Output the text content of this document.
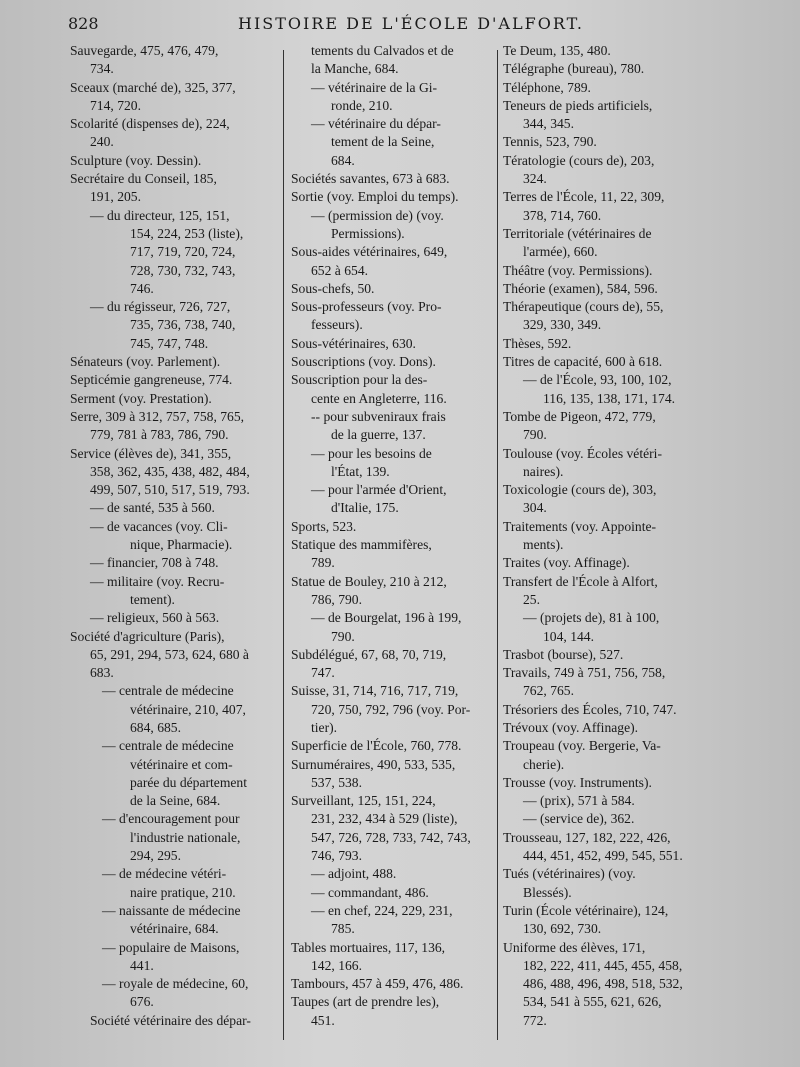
828	HISTOIRE DE L'ÉCOLE D'ALFORT.
Sauvegarde, 475, 476, 479,
734.
Sceaux (marché de), 325, 377,
714, 720.
Scolarité (dispenses de), 224,
240.
Sculpture (voy. Dessin).
Secrétaire du Conseil, 185,
191, 205.
— du directeur, 125, 151,
154, 224, 253 (liste),
717, 719, 720, 724,
728, 730, 732, 743,
746.
— du régisseur, 726, 727,
735, 736, 738, 740,
745, 747, 748.
Sénateurs (voy. Parlement).
Septicémie gangreneuse, 774.
Serment (voy. Prestation).
Serre, 309 à 312, 757, 758, 765,
779, 781 à 783, 786, 790.
Service (élèves de), 341, 355,
358, 362, 435, 438, 482, 484,
499, 507, 510, 517, 519, 793.
— de santé, 535 à 560.
— de vacances (voy. Cli-
nique, Pharmacie).
— financier, 708 à 748.
— militaire (voy. Recru-
tement).
— religieux, 560 à 563.
Société d'agriculture (Paris),
65, 291, 294, 573, 624, 680 à
683.
— centrale de médecine
vétérinaire, 210, 407,
684, 685.
— centrale de médecine
vétérinaire et com-
parée du département
de la Seine, 684.
— d'encouragement pour
l'industrie nationale,
294, 295.
— de médecine vétéri-
naire pratique, 210.
— naissante de médecine
vétérinaire, 684.
— populaire de Maisons,
441.
— royale de médecine, 60,
676.
Société vétérinaire des dépar-
tements du Calvados et de
la Manche, 684.
— vétérinaire de la Gi-
ronde, 210.
— vétérinaire du dépar-
tement de la Seine,
684.
Sociétés savantes, 673 à 683.
Sortie (voy. Emploi du temps).
— (permission de) (voy.
Permissions).
Sous-aides vétérinaires, 649,
652 à 654.
Sous-chefs, 50.
Sous-professeurs (voy. Pro-
fesseurs).
Sous-vétérinaires, 630.
Souscriptions (voy. Dons).
Souscription pour la des-
cente en Angleterre, 116.
-- pour subveniraux frais
de la guerre, 137.
— pour les besoins de
l'État, 139.
— pour l'armée d'Orient,
d'Italie, 175.
Sports, 523.
Statique des mammifères,
789.
Statue de Bouley, 210 à 212,
786, 790.
— de Bourgelat, 196 à 199,
790.
Subdélégué, 67, 68, 70, 719,
747.
Suisse, 31, 714, 716, 717, 719,
720, 750, 792, 796 (voy. Por-
tier).
Superficie de l'École, 760, 778.
Surnuméraires, 490, 533, 535,
537, 538.
Surveillant, 125, 151, 224,
231, 232, 434 à 529 (liste),
547, 726, 728, 733, 742, 743,
746, 793.
— adjoint, 488.
— commandant, 486.
— en chef, 224, 229, 231,
785.
Tables mortuaires, 117, 136,
142, 166.
Tambours, 457 à 459, 476, 486.
Taupes (art de prendre les),
451.
Te Deum, 135, 480.
Télégraphe (bureau), 780.
Téléphone, 789.
Teneurs de pieds artificiels,
344, 345.
Tennis, 523, 790.
Tératologie (cours de), 203,
324.
Terres de l'École, 11, 22, 309,
378, 714, 760.
Territoriale (vétérinaires de
l'armée), 660.
Théâtre (voy. Permissions).
Théorie (examen), 584, 596.
Thérapeutique (cours de), 55,
329, 330, 349.
Thèses, 592.
Titres de capacité, 600 à 618.
— de l'École, 93, 100, 102,
116, 135, 138, 171, 174.
Tombe de Pigeon, 472, 779,
790.
Toulouse (voy. Écoles vétéri-
naires).
Toxicologie (cours de), 303,
304.
Traitements (voy. Appointe-
ments).
Traites (voy. Affinage).
Transfert de l'École à Alfort,
25.
— (projets de), 81 à 100,
104, 144.
Trasbot (bourse), 527.
Travails, 749 à 751, 756, 758,
762, 765.
Trésoriers des Écoles, 710, 747.
Trévoux (voy. Affinage).
Troupeau (voy. Bergerie, Va-
cherie).
Trousse (voy. Instruments).
— (prix), 571 à 584.
— (service de), 362.
Trousseau, 127, 182, 222, 426,
444, 451, 452, 499, 545, 551.
Tués (vétérinaires) (voy.
Blessés).
Turin (École vétérinaire), 124,
130, 692, 730.
Uniforme des élèves, 171,
182, 222, 411, 445, 455, 458,
486, 488, 496, 498, 518, 532,
534, 541 à 555, 621, 626,
772.
